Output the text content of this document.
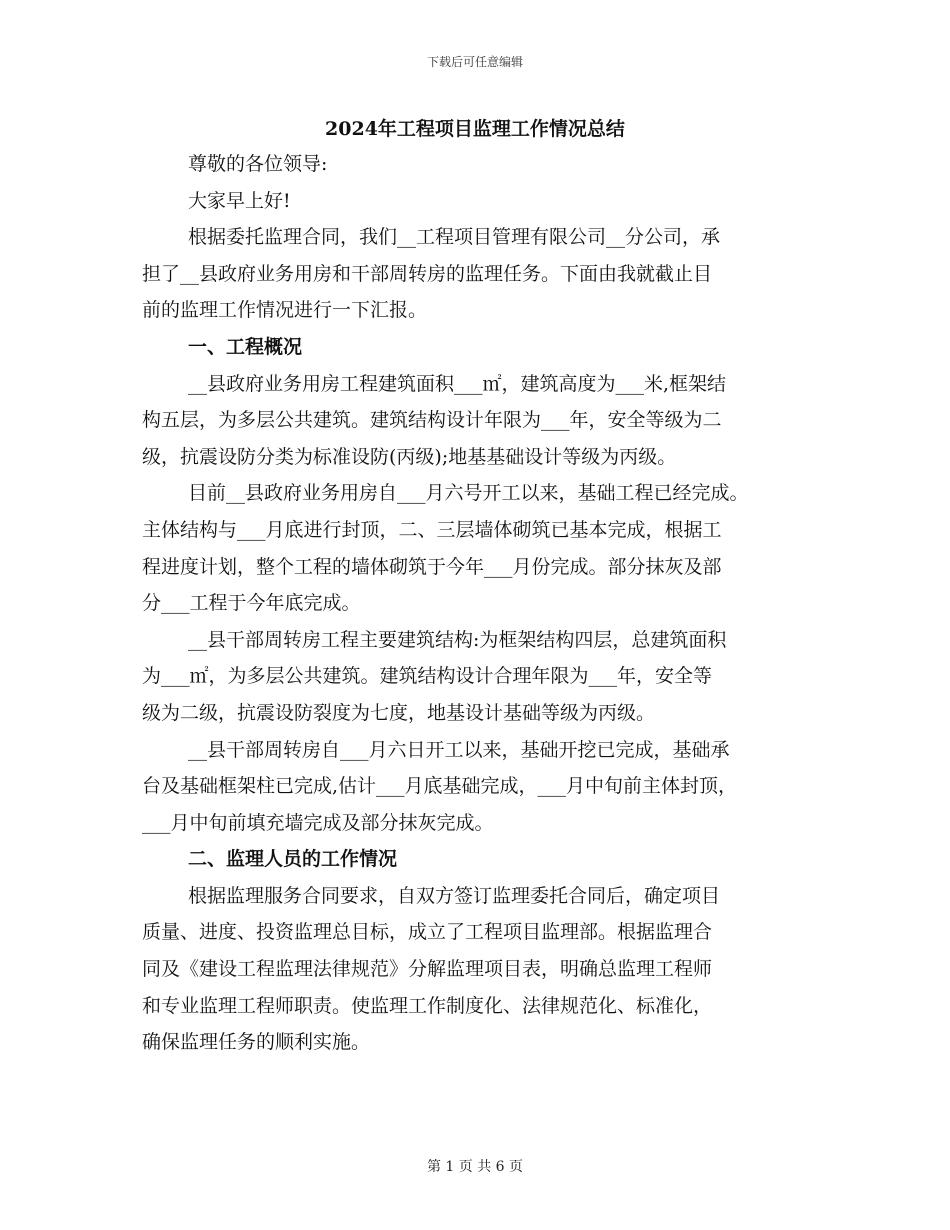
下载后可任意编辑
2024年工程项目监理工作情况总结
尊敬的各位领导:
大家早上好!
根据委托监理合同，我们__工程项目管理有限公司__分公司，承
担了__县政府业务用房和干部周转房的监理任务。下面由我就截止目
前的监理工作情况进行一下汇报。
一、工程概况
__县政府业务用房工程建筑面积___㎡，建筑高度为___米,框架结
构五层，为多层公共建筑。建筑结构设计年限为___年，安全等级为二
级，抗震设防分类为标准设防(丙级);地基基础设计等级为丙级。
目前__县政府业务用房自___月六号开工以来，基础工程已经完成。
主体结构与___月底进行封顶，二、三层墙体砌筑已基本完成，根据工
程进度计划，整个工程的墙体砌筑于今年___月份完成。部分抹灰及部
分___工程于今年底完成。
__县干部周转房工程主要建筑结构:为框架结构四层，总建筑面积
为___㎡，为多层公共建筑。建筑结构设计合理年限为___年，安全等
级为二级，抗震设防裂度为七度，地基设计基础等级为丙级。
__县干部周转房自___月六日开工以来，基础开挖已完成，基础承
台及基础框架柱已完成,估计___月底基础完成，___月中旬前主体封顶，
___月中旬前填充墙完成及部分抹灰完成。
二、监理人员的工作情况
根据监理服务合同要求，自双方签订监理委托合同后，确定项目
质量、进度、投资监理总目标，成立了工程项目监理部。根据监理合
同及《建设工程监理法律规范》分解监理项目表，明确总监理工程师
和专业监理工程师职责。使监理工作制度化、法律规范化、标准化，
确保监理任务的顺利实施。
第 1 页 共 6 页
